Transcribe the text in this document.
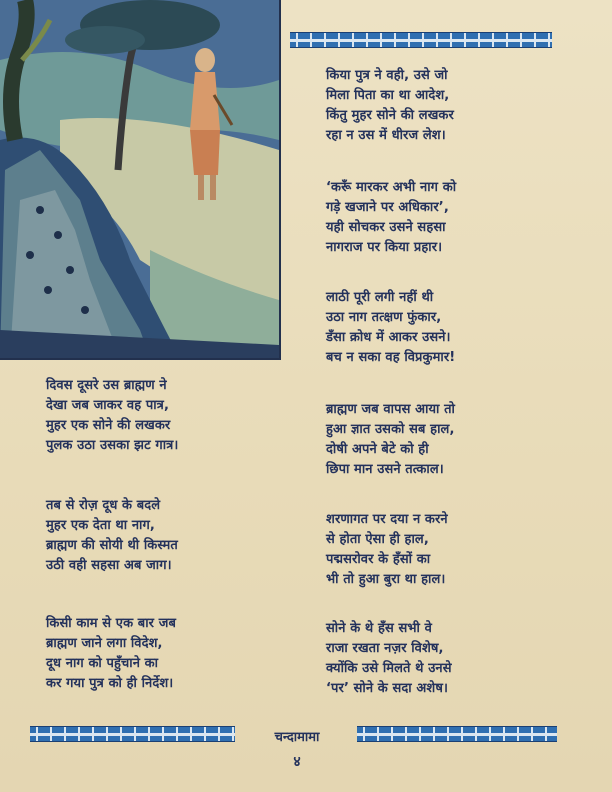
किया पुत्र ने वही, उसे जो
मिला पिता का था आदेश,
किंतु मुहर सोने की लखकर
रहा न उस में धीरज लेश।
‘करूँ मारकर अभी नाग को
गड़े खजाने पर अधिकार’,
यही सोचकर उसने सहसा
नागराज पर किया प्रहार।
लाठी पूरी लगी नहीं थी
उठा नाग तत्क्षण फुंकार,
डँसा क्रोध में आकर उसने।
बच न सका वह विप्रकुमार!
ब्राह्मण जब वापस आया तो
हुआ ज्ञात उसको सब हाल,
दोषी अपने बेटे को ही
छिपा मान उसने तत्काल।
शरणागत पर दया न करने
से होता ऐसा ही हाल,
पद्मसरोवर के हँसों का
भी तो हुआ बुरा था हाल।
सोने के थे हँस सभी वे
राजा रखता नज़र विशेष,
क्योंकि उसे मिलते थे उनसे
‘पर’ सोने के सदा अशेष।
दिवस दूसरे उस ब्राह्मण ने
देखा जब जाकर वह पात्र,
मुहर एक सोने की लखकर
पुलक उठा उसका झट गात्र।
तब से रोज़ दूध के बदले
मुहर एक देता था नाग,
ब्राह्मण की सोयी थी किस्मत
उठी वही सहसा अब जाग।
किसी काम से एक बार जब
ब्राह्मण जाने लगा विदेश,
दूध नाग को पहुँचाने का
कर गया पुत्र को ही निर्देश।
चन्दामामा
४
